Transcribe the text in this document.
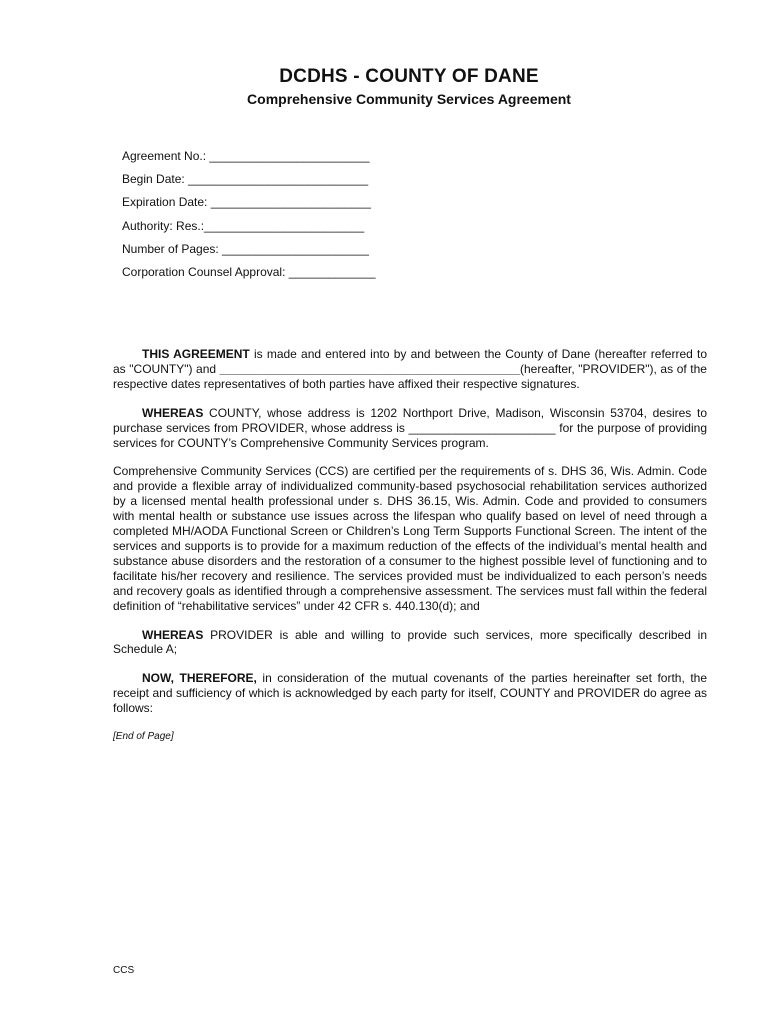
DCDHS - COUNTY OF DANE
Comprehensive Community Services Agreement
Agreement No.: ________________________
Begin Date: ___________________________
Expiration Date: ________________________
Authority: Res.:________________________
Number of Pages: ______________________
Corporation Counsel Approval: _____________

THIS AGREEMENT is made and entered into by and between the County of Dane (hereafter referred to as "COUNTY") and _____________________________________________(hereafter, "PROVIDER"), as of the respective dates representatives of both parties have affixed their respective signatures.

WHEREAS COUNTY, whose address is 1202 Northport Drive, Madison, Wisconsin 53704, desires to purchase services from PROVIDER, whose address is ______________________ for the purpose of providing services for COUNTY’s Comprehensive Community Services program.

Comprehensive Community Services (CCS) are certified per the requirements of s. DHS 36, Wis. Admin. Code and provide a flexible array of individualized community-based psychosocial rehabilitation services authorized by a licensed mental health professional under s. DHS 36.15, Wis. Admin. Code and provided to consumers with mental health or substance use issues across the lifespan who qualify based on level of need through a completed MH/AODA Functional Screen or Children’s Long Term Supports Functional Screen. The intent of the services and supports is to provide for a maximum reduction of the effects of the individual’s mental health and substance abuse disorders and the restoration of a consumer to the highest possible level of functioning and to facilitate his/her recovery and resilience. The services provided must be individualized to each person’s needs and recovery goals as identified through a comprehensive assessment. The services must fall within the federal definition of “rehabilitative services” under 42 CFR s. 440.130(d); and

WHEREAS PROVIDER is able and willing to provide such services, more specifically described in Schedule A;

NOW, THEREFORE, in consideration of the mutual covenants of the parties hereinafter set forth, the receipt and sufficiency of which is acknowledged by each party for itself, COUNTY and PROVIDER do agree as follows:

[End of Page]

CCS
